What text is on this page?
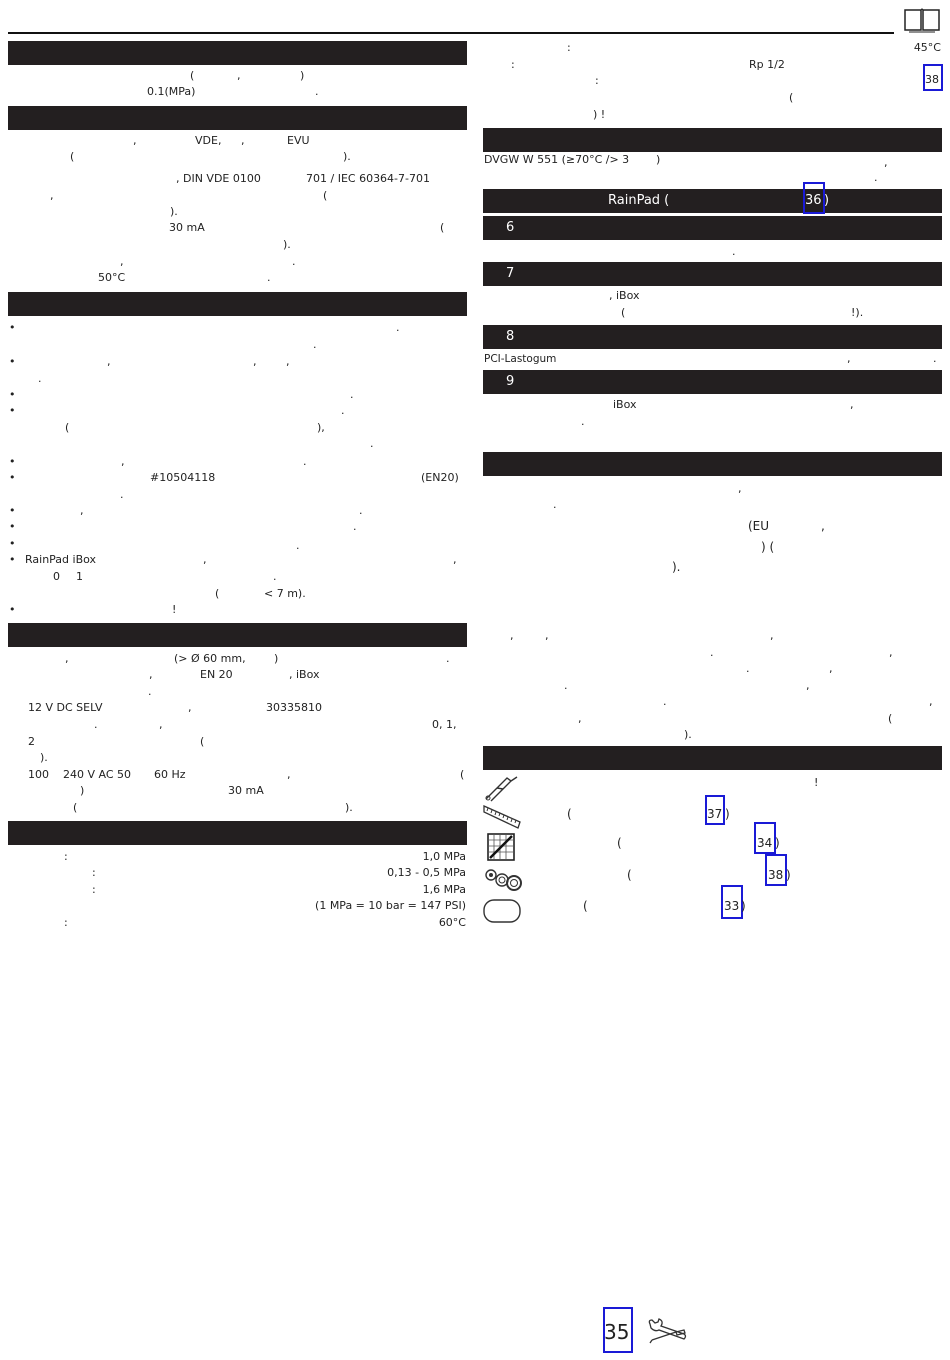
(	,	)
0.1(MPa)	.
,	VDE, ,	EVU
(	).
, DIN VDE 0100	701 / IEC 60364-7-701
,	(
).
30 mA	(
).
,	.
50°C	.
•	.
.
•	,	,	,
.
•	.
•	.
(	),
.
•	,	.
•	#10504118	(EN20)
.
•	,	.
•	.
•	.
• RainPad iBox	,	,
0 1	.
(	< 7 m).
•	!
,	(> Ø 60 mm,	)	.
,	EN 20	, iBox
.
12 V DC SELV	,	30335810
.	,	0, 1,
2	(
).
100 240 V AC 50 60 Hz	,	(
)	30 mA
(	).
:	1,0 MPa
:	0,13 - 0,5 MPa
:	1,6 MPa
(1 MPa = 10 bar = 147 PSI)
:	60°C
:	45°C
:	Rp 1/2
:	38
(
) !
DVGW W 551 (≥70°C /> 3 )	,
.
RainPad (	36 )
6
.
7
, iBox
(	!).
8
PCI-Lastogum	,	.
9
iBox	,
.
,
.
(EU	,
) (
).
,	,	,
.	,
.	,
.	,
.	,
,	(
).
!
(	37 )
(	34 )
(	38 )
(	33 )
35
